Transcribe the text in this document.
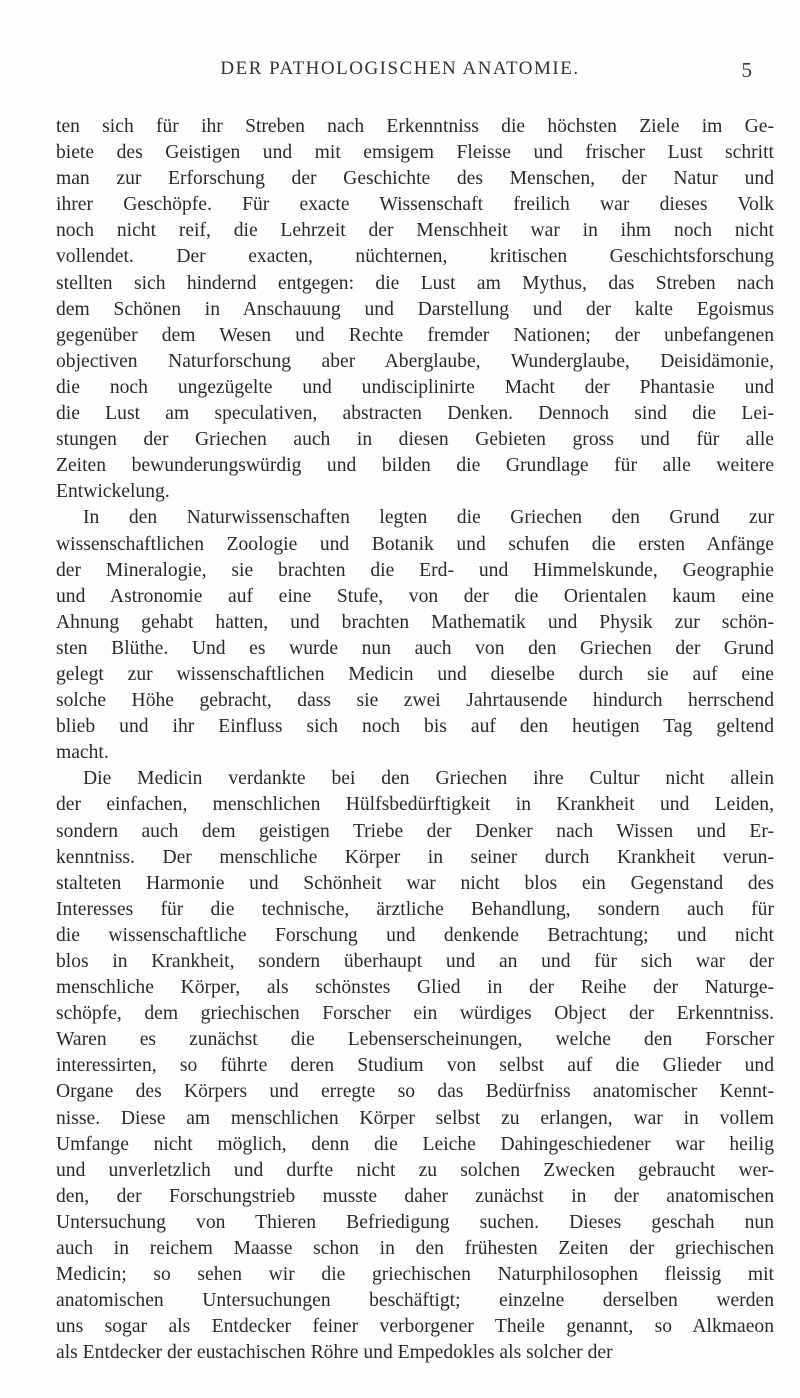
DER PATHOLOGISCHEN ANATOMIE.	5
ten sich für ihr Streben nach Erkenntniss die höchsten Ziele im Ge-
biete des Geistigen und mit emsigem Fleisse und frischer Lust schritt
man zur Erforschung der Geschichte des Menschen, der Natur und
ihrer Geschöpfe. Für exacte Wissenschaft freilich war dieses Volk
noch nicht reif, die Lehrzeit der Menschheit war in ihm noch nicht
vollendet. Der exacten, nüchternen, kritischen Geschichtsforschung
stellten sich hindernd entgegen: die Lust am Mythus, das Streben nach
dem Schönen in Anschauung und Darstellung und der kalte Egoismus
gegenüber dem Wesen und Rechte fremder Nationen; der unbefangenen
objectiven Naturforschung aber Aberglaube, Wunderglaube, Deisidämonie,
die noch ungezügelte und undisciplinirte Macht der Phantasie und
die Lust am speculativen, abstracten Denken. Dennoch sind die Lei-
stungen der Griechen auch in diesen Gebieten gross und für alle
Zeiten bewunderungswürdig und bilden die Grundlage für alle weitere
Entwickelung.
In den Naturwissenschaften legten die Griechen den Grund zur
wissenschaftlichen Zoologie und Botanik und schufen die ersten Anfänge
der Mineralogie, sie brachten die Erd- und Himmelskunde, Geographie
und Astronomie auf eine Stufe, von der die Orientalen kaum eine
Ahnung gehabt hatten, und brachten Mathematik und Physik zur schön-
sten Blüthe. Und es wurde nun auch von den Griechen der Grund
gelegt zur wissenschaftlichen Medicin und dieselbe durch sie auf eine
solche Höhe gebracht, dass sie zwei Jahrtausende hindurch herrschend
blieb und ihr Einfluss sich noch bis auf den heutigen Tag geltend
macht.
Die Medicin verdankte bei den Griechen ihre Cultur nicht allein
der einfachen, menschlichen Hülfsbedürftigkeit in Krankheit und Leiden,
sondern auch dem geistigen Triebe der Denker nach Wissen und Er-
kenntniss. Der menschliche Körper in seiner durch Krankheit verun-
stalteten Harmonie und Schönheit war nicht blos ein Gegenstand des
Interesses für die technische, ärztliche Behandlung, sondern auch für
die wissenschaftliche Forschung und denkende Betrachtung; und nicht
blos in Krankheit, sondern überhaupt und an und für sich war der
menschliche Körper, als schönstes Glied in der Reihe der Naturge-
schöpfe, dem griechischen Forscher ein würdiges Object der Erkenntniss.
Waren es zunächst die Lebenserscheinungen, welche den Forscher
interessirten, so führte deren Studium von selbst auf die Glieder und
Organe des Körpers und erregte so das Bedürfniss anatomischer Kennt-
nisse. Diese am menschlichen Körper selbst zu erlangen, war in vollem
Umfange nicht möglich, denn die Leiche Dahingeschiedener war heilig
und unverletzlich und durfte nicht zu solchen Zwecken gebraucht wer-
den, der Forschungstrieb musste daher zunächst in der anatomischen
Untersuchung von Thieren Befriedigung suchen. Dieses geschah nun
auch in reichem Maasse schon in den frühesten Zeiten der griechischen
Medicin; so sehen wir die griechischen Naturphilosophen fleissig mit
anatomischen Untersuchungen beschäftigt; einzelne derselben werden
uns sogar als Entdecker feiner verborgener Theile genannt, so Alkmaeon
als Entdecker der eustachischen Röhre und Empedokles als solcher der
